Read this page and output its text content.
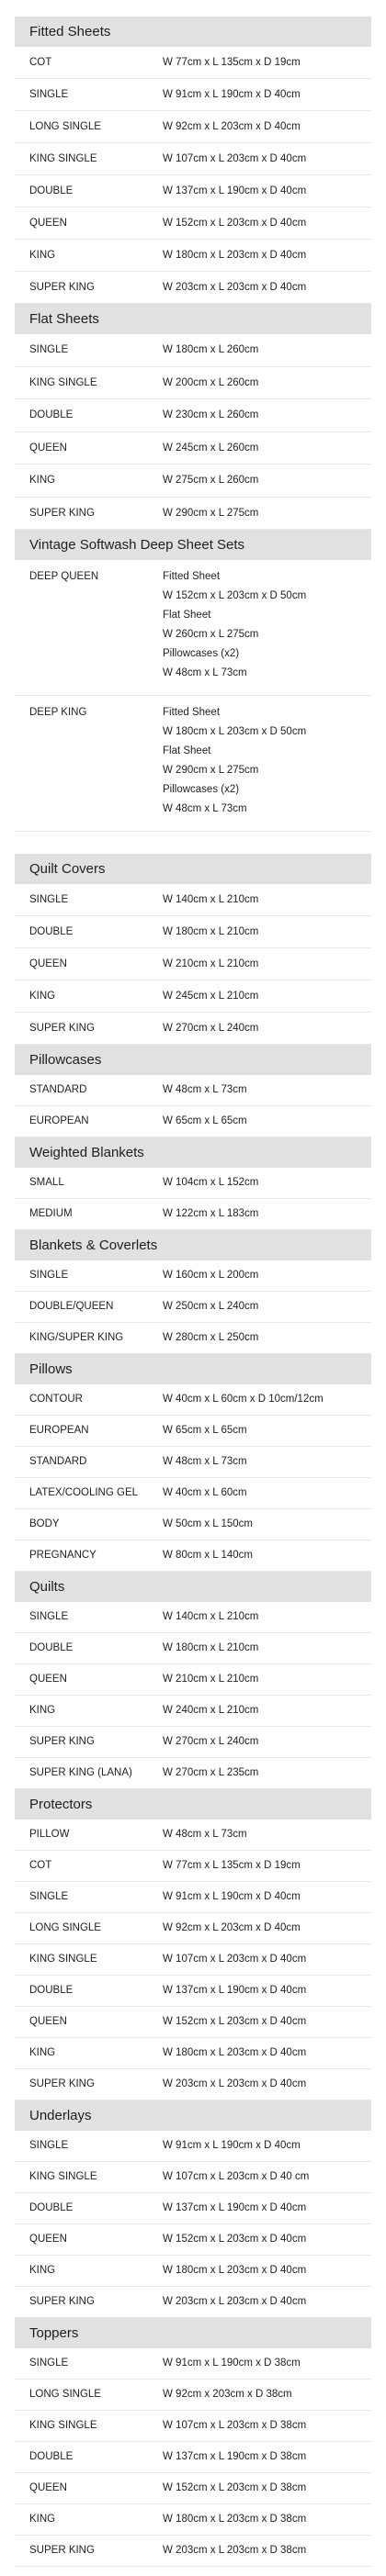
Fitted Sheets
COT	W 77cm x L 135cm x D 19cm
SINGLE	W 91cm x L 190cm x D 40cm
LONG SINGLE	W 92cm x L 203cm x D 40cm
KING SINGLE	W 107cm x L 203cm x D 40cm
DOUBLE	W 137cm x L 190cm x D 40cm
QUEEN	W 152cm x L 203cm x D 40cm
KING	W 180cm x L 203cm x D 40cm
SUPER KING	W 203cm x L 203cm x D 40cm
Flat Sheets
SINGLE	W 180cm x L 260cm
KING SINGLE	W 200cm x L 260cm
DOUBLE	W 230cm x L 260cm
QUEEN	W 245cm x L 260cm
KING	W 275cm x L 260cm
SUPER KING	W 290cm x L 275cm
Vintage Softwash Deep Sheet Sets
DEEP QUEEN	Fitted Sheet
W 152cm x L 203cm x D 50cm
Flat Sheet
W 260cm x L 275cm
Pillowcases (x2)
W 48cm x L 73cm
DEEP KING	Fitted Sheet
W 180cm x L 203cm x D 50cm
Flat Sheet
W 290cm x L 275cm
Pillowcases (x2)
W 48cm x L 73cm
Quilt Covers
SINGLE	W 140cm x L 210cm
DOUBLE	W 180cm x L 210cm
QUEEN	W 210cm x L 210cm
KING	W 245cm x L 210cm
SUPER KING	W 270cm x L 240cm
Pillowcases
STANDARD	W 48cm x L 73cm
EUROPEAN	W 65cm x L 65cm
Weighted Blankets
SMALL	W 104cm x L 152cm
MEDIUM	W 122cm x L 183cm
Blankets & Coverlets
SINGLE	W 160cm x L 200cm
DOUBLE/QUEEN	W 250cm x L 240cm
KING/SUPER KING	W 280cm x L 250cm
Pillows
CONTOUR	W 40cm x L 60cm x D 10cm/12cm
EUROPEAN	W 65cm x L 65cm
STANDARD	W 48cm x L 73cm
LATEX/COOLING GEL	W 40cm x L 60cm
BODY	W 50cm x L 150cm
PREGNANCY	W 80cm x L 140cm
Quilts
SINGLE	W 140cm x L 210cm
DOUBLE	W 180cm x L 210cm
QUEEN	W 210cm x L 210cm
KING	W 240cm x L 210cm
SUPER KING	W 270cm x L 240cm
SUPER KING (LANA)	W 270cm x L 235cm
Protectors
PILLOW	W 48cm x L 73cm
COT	W 77cm x L 135cm x D 19cm
SINGLE	W 91cm x L 190cm x D 40cm
LONG SINGLE	W 92cm x L 203cm x D 40cm
KING SINGLE	W 107cm x L 203cm x D 40cm
DOUBLE	W 137cm x L 190cm x D 40cm
QUEEN	W 152cm x L 203cm x D 40cm
KING	W 180cm x L 203cm x D 40cm
SUPER KING	W 203cm x L 203cm x D 40cm
Underlays
SINGLE	W 91cm x L 190cm x D 40cm
KING SINGLE	W 107cm x L 203cm x D 40 cm
DOUBLE	W 137cm x L 190cm x D 40cm
QUEEN	W 152cm x L 203cm x D 40cm
KING	W 180cm x L 203cm x D 40cm
SUPER KING	W 203cm x L 203cm x D 40cm
Toppers
SINGLE	W 91cm x L 190cm x D 38cm
LONG SINGLE	W 92cm x 203cm x D 38cm
KING SINGLE	W 107cm x L 203cm x D 38cm
DOUBLE	W 137cm x L 190cm x D 38cm
QUEEN	W 152cm x L 203cm x D 38cm
KING	W 180cm x L 203cm x D 38cm
SUPER KING	W 203cm x L 203cm x D 38cm
